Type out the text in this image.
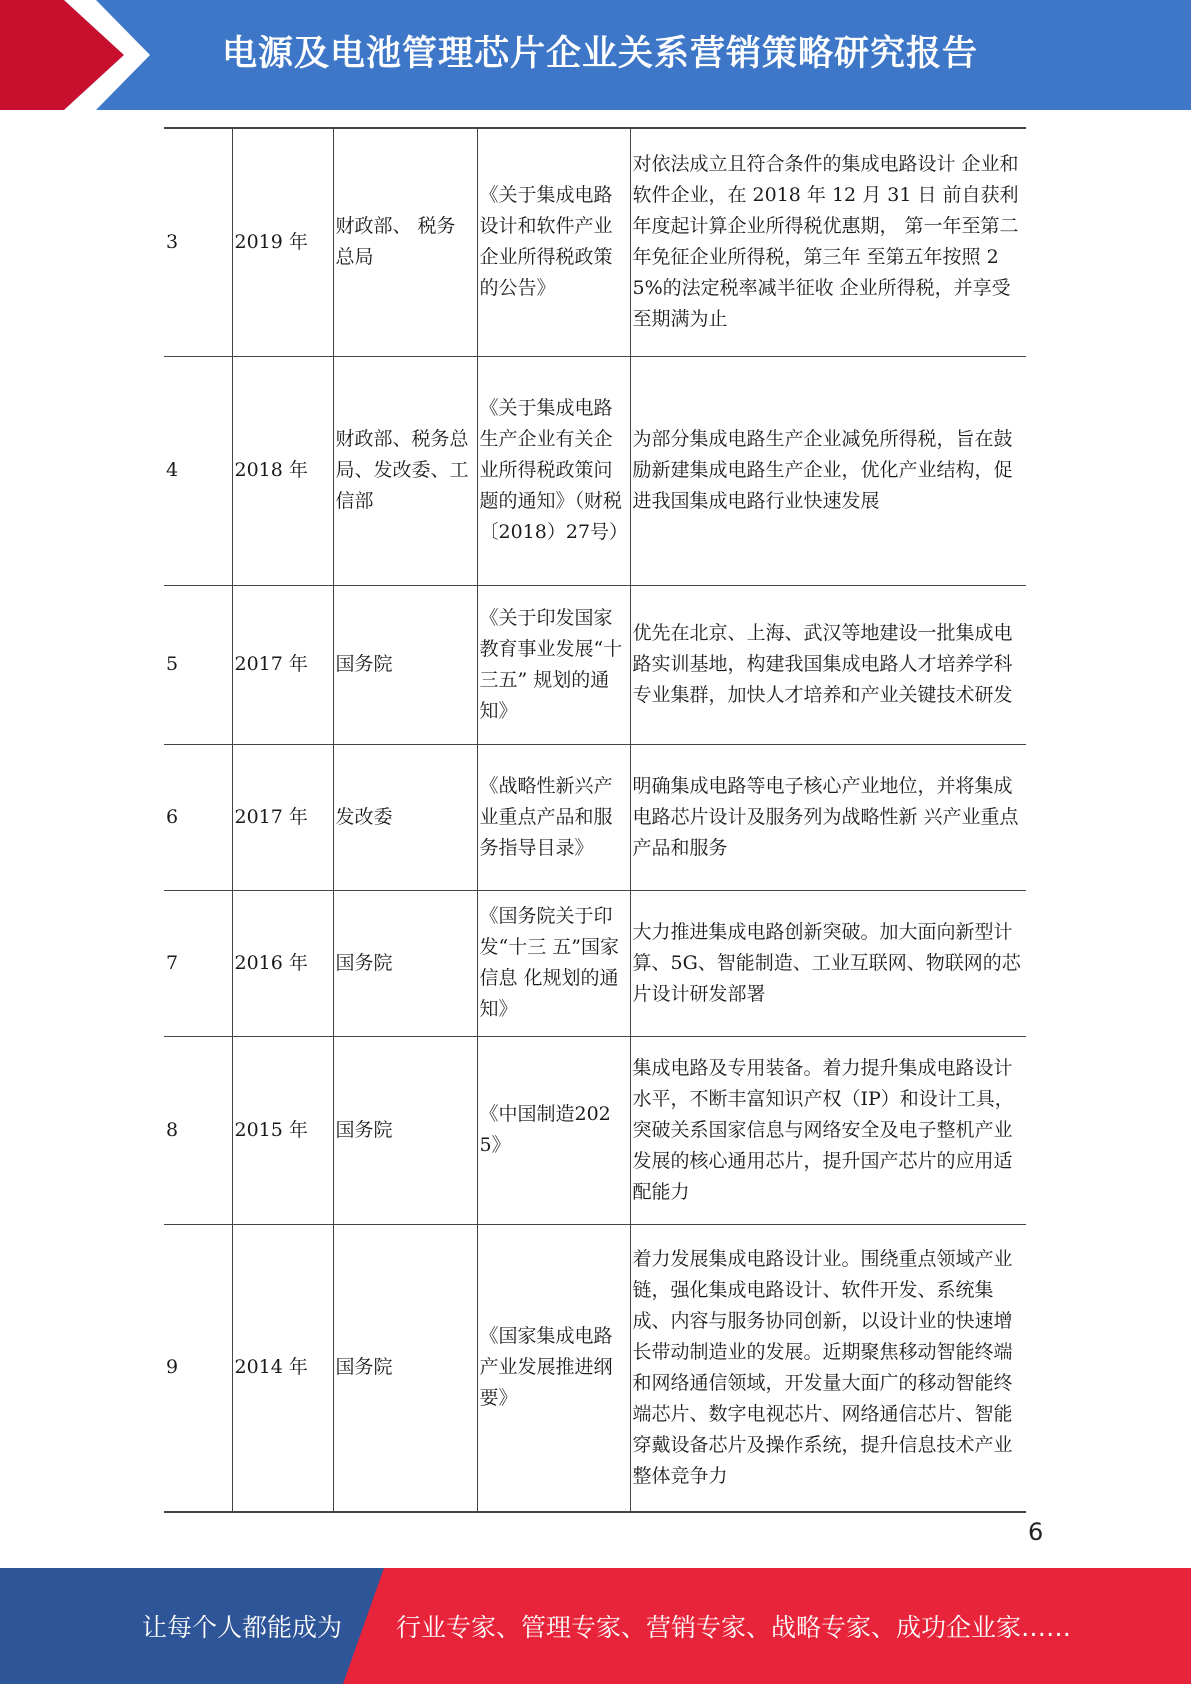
电源及电池管理芯片企业关系营销策略研究报告
3	2019 年	财政部、 税务总局	《关于集成电路设计和软件产业企业所得税政策的公告》	对依法成立且符合条件的集成电路设计 企业和软件企业，在 2018 年 12 月 31 日 前自获利年度起计算企业所得税优惠期， 第一年至第二年免征企业所得税，第三年 至第五年按照 25%的法定税率减半征收 企业所得税，并享受至期满为止
4	2018 年	财政部、税务总局、发改委、工信部	《关于集成电路生产企业有关企业所得税政策问题的通知》（财税〔2018）27号）	为部分集成电路生产企业减免所得税，旨在鼓励新建集成电路生产企业，优化产业结构，促进我国集成电路行业快速发展
5	2017 年	国务院	《关于印发国家教育事业发展“十三五” 规划的通知》	优先在北京、上海、武汉等地建设一批集成电路实训基地，构建我国集成电路人才培养学科专业集群，加快人才培养和产业关键技术研发
6	2017 年	发改委	《战略性新兴产业重点产品和服务指导目录》	明确集成电路等电子核心产业地位，并将集成电路芯片设计及服务列为战略性新 兴产业重点产品和服务
7	2016 年	国务院	《国务院关于印发“十三 五”国家信息 化规划的通 知》	大力推进集成电路创新突破。加大面向新型计算、5G、智能制造、工业互联网、物联网的芯片设计研发部署
8	2015 年	国务院	《中国制造2025》	集成电路及专用装备。着力提升集成电路设计水平，不断丰富知识产权（IP）和设计工具，突破关系国家信息与网络安全及电子整机产业发展的核心通用芯片，提升国产芯片的应用适配能力
9	2014 年	国务院	《国家集成电路产业发展推进纲要》	着力发展集成电路设计业。围绕重点领域产业链，强化集成电路设计、软件开发、系统集成、内容与服务协同创新，以设计业的快速增长带动制造业的发展。近期聚焦移动智能终端和网络通信领域，开发量大面广的移动智能终端芯片、数字电视芯片、网络通信芯片、智能穿戴设备芯片及操作系统，提升信息技术产业整体竞争力
6
让每个人都能成为 行业专家、管理专家、营销专家、战略专家、成功企业家……
